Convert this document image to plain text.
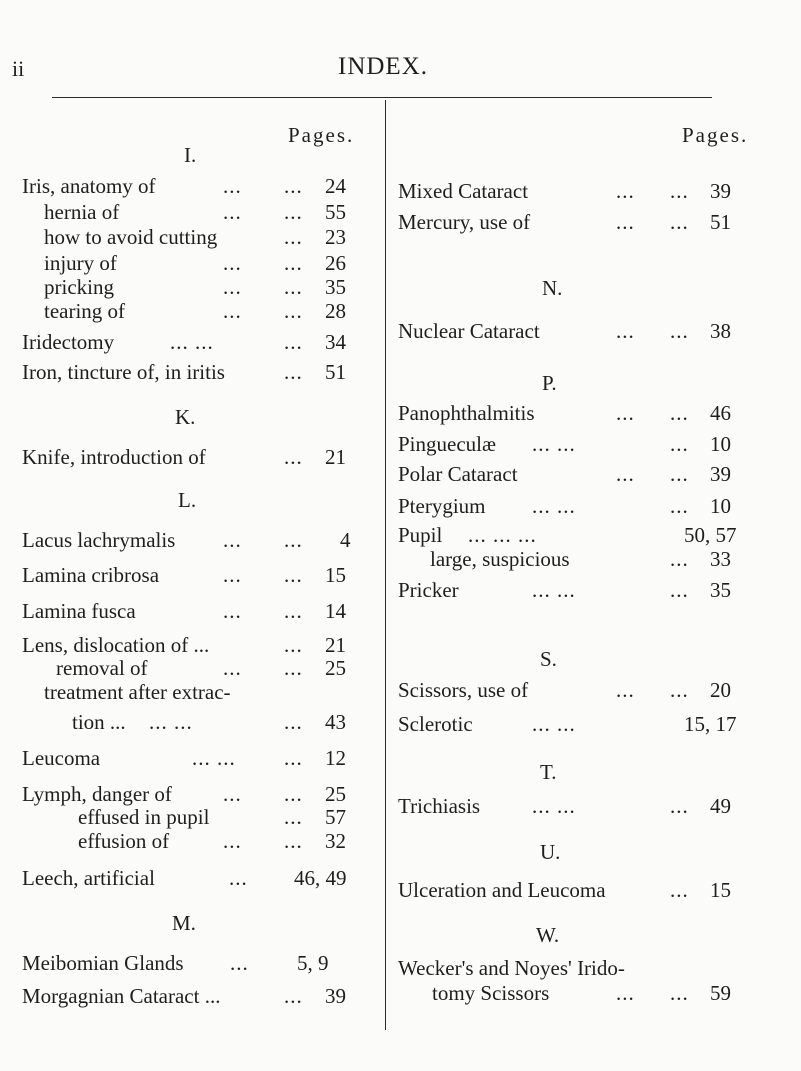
ii	INDEX.
Pages.
I.
Iris, anatomy of	... ... 24
hernia of	... ... 55
how to avoid cutting	... 23
injury of	... ... 26
pricking	... ... 35
tearing of	... ... 28
Iridectomy	... ...	... 34
Iron, tincture of, in iritis	... 51
K.
Knife, introduction of	... 21
L.
Lacus lachrymalis ... ... 4
Lamina cribrosa	... ... 15
Lamina fusca	... ... 14
Lens, dislocation of ...	... 21
removal of	... ... 25
treatment after extrac-
tion ... ... ...	... 43
Leucoma	... ... ... 12
Lymph, danger of ... ... 25
effused in pupil	... 57
effusion of	... ... 32
Leech, artificial	... 46, 49
M.
Meibomian Glands ... 5, 9
Morgagnian Cataract ...	... 39
Pages.
Mixed Cataract	... ... 39
Mercury, use of	... ... 51
N.
Nuclear Cataract	... ... 38
P.
Panophthalmitis	... ... 46
Pingueculæ ... ...	... 10
Polar Cataract	... ... 39
Pterygium ... ...	... 10
Pupil ... ... ...	50, 57
large, suspicious	... 33
Pricker	... ...	... 35
S.
Scissors, use of	... ... 20
Sclerotic	... ...	15, 17
T.
Trichiasis ... ...	... 49
U.
Ulceration and Leucoma	... 15
W.
Wecker's and Noyes' Irido-
tomy Scissors	... ... 59
